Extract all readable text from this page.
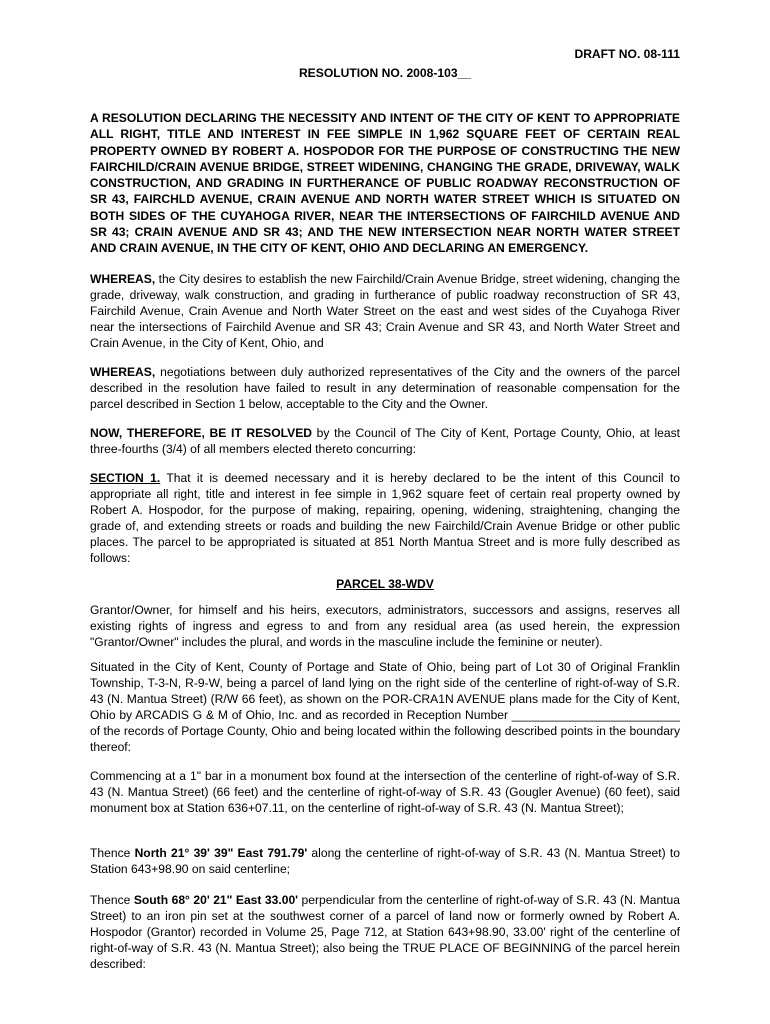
DRAFT NO. 08-111
RESOLUTION NO. 2008-103__
A RESOLUTION DECLARING THE NECESSITY AND INTENT OF THE CITY OF KENT TO APPROPRIATE ALL RIGHT, TITLE AND INTEREST IN FEE SIMPLE IN 1,962 SQUARE FEET OF CERTAIN REAL PROPERTY OWNED BY ROBERT A. HOSPODOR FOR THE PURPOSE OF CONSTRUCTING THE NEW FAIRCHILD/CRAIN AVENUE BRIDGE, STREET WIDENING, CHANGING THE GRADE, DRIVEWAY, WALK CONSTRUCTION, AND GRADING IN FURTHERANCE OF PUBLIC ROADWAY RECONSTRUCTION OF SR 43, FAIRCHLD AVENUE, CRAIN AVENUE AND NORTH WATER STREET WHICH IS SITUATED ON BOTH SIDES OF THE CUYAHOGA RIVER, NEAR THE INTERSECTIONS OF FAIRCHILD AVENUE AND SR 43; CRAIN AVENUE AND SR 43; AND THE NEW INTERSECTION NEAR NORTH WATER STREET AND CRAIN AVENUE, IN THE CITY OF KENT, OHIO AND DECLARING AN EMERGENCY.

WHEREAS, the City desires to establish the new Fairchild/Crain Avenue Bridge, street widening, changing the grade, driveway, walk construction, and grading in furtherance of public roadway reconstruction of SR 43, Fairchild Avenue, Crain Avenue and North Water Street on the east and west sides of the Cuyahoga River near the intersections of Fairchild Avenue and SR 43; Crain Avenue and SR 43, and North Water Street and Crain Avenue, in the City of Kent, Ohio, and

WHEREAS, negotiations between duly authorized representatives of the City and the owners of the parcel described in the resolution have failed to result in any determination of reasonable compensation for the parcel described in Section 1 below, acceptable to the City and the Owner.

NOW, THEREFORE, BE IT RESOLVED by the Council of The City of Kent, Portage County, Ohio, at least three-fourths (3/4) of all members elected thereto concurring:

SECTION 1. That it is deemed necessary and it is hereby declared to be the intent of this Council to appropriate all right, title and interest in fee simple in 1,962 square feet of certain real property owned by Robert A. Hospodor, for the purpose of making, repairing, opening, widening, straightening, changing the grade of, and extending streets or roads and building the new Fairchild/Crain Avenue Bridge or other public places. The parcel to be appropriated is situated at 851 North Mantua Street and is more fully described as follows:

PARCEL 38-WDV

Grantor/Owner, for himself and his heirs, executors, administrators, successors and assigns, reserves all existing rights of ingress and egress to and from any residual area (as used herein, the expression "Grantor/Owner" includes the plural, and words in the masculine include the feminine or neuter).

Situated in the City of Kent, County of Portage and State of Ohio, being part of Lot 30 of Original Franklin Township, T-3-N, R-9-W, being a parcel of land lying on the right side of the centerline of right-of-way of S.R. 43 (N. Mantua Street) (R/W 66 feet), as shown on the POR-CRA1N AVENUE plans made for the City of Kent, Ohio by ARCADIS G & M of Ohio, Inc. and as recorded in Reception Number _________________________ of the records of Portage County, Ohio and being located within the following described points in the boundary thereof:

Commencing at a 1" bar in a monument box found at the intersection of the centerline of right-of-way of S.R. 43 (N. Mantua Street) (66 feet) and the centerline of right-of-way of S.R. 43 (Gougler Avenue) (60 feet), said monument box at Station 636+07.11, on the centerline of right-of-way of S.R. 43 (N. Mantua Street);

Thence North 21° 39' 39" East 791.79' along the centerline of right-of-way of S.R. 43 (N. Mantua Street) to Station 643+98.90 on said centerline;

Thence South 68° 20' 21" East 33.00' perpendicular from the centerline of right-of-way of S.R. 43 (N. Mantua Street) to an iron pin set at the southwest corner of a parcel of land now or formerly owned by Robert A. Hospodor (Grantor) recorded in Volume 25, Page 712, at Station 643+98.90, 33.00' right of the centerline of right-of-way of S.R. 43 (N. Mantua Street); also being the TRUE PLACE OF BEGINNING of the parcel herein described:
